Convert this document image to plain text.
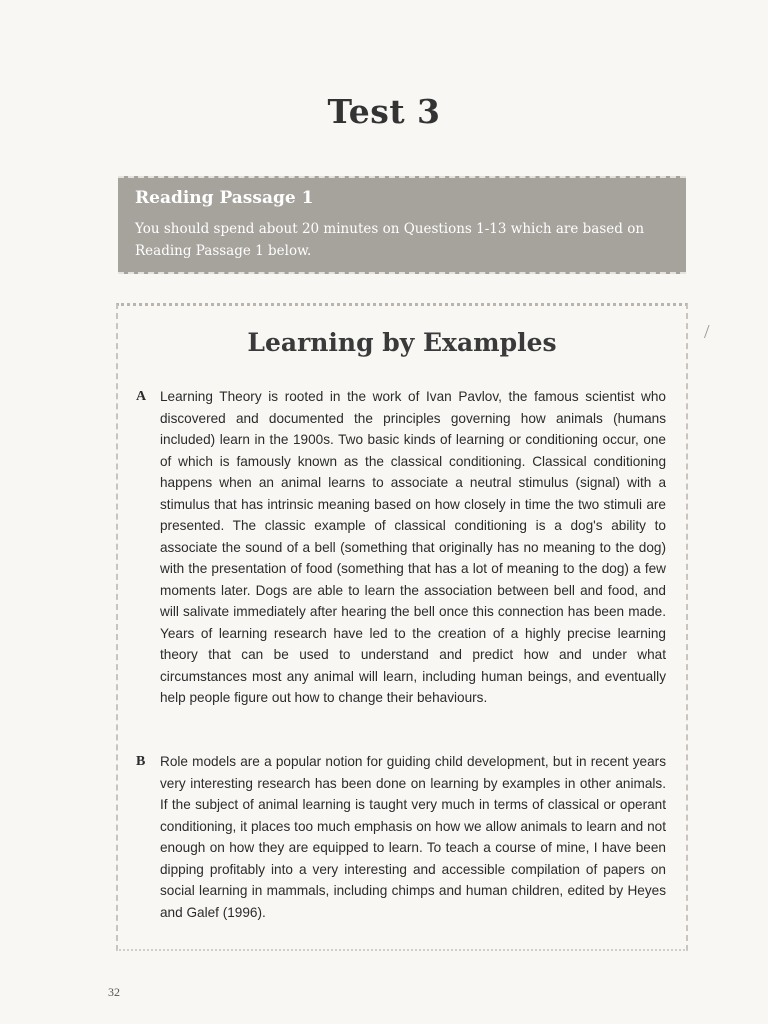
Test 3
Reading Passage 1
You should spend about 20 minutes on Questions 1-13 which are based on Reading Passage 1 below.
/
Learning by Examples
A	Learning Theory is rooted in the work of Ivan Pavlov, the famous scientist who discovered and documented the principles governing how animals (humans included) learn in the 1900s. Two basic kinds of learning or conditioning occur, one of which is famously known as the classical conditioning. Classical conditioning happens when an animal learns to associate a neutral stimulus (signal) with a stimulus that has intrinsic meaning based on how closely in time the two stimuli are presented. The classic example of classical conditioning is a dog's ability to associate the sound of a bell (something that originally has no meaning to the dog) with the presentation of food (something that has a lot of meaning to the dog) a few moments later. Dogs are able to learn the association between bell and food, and will salivate immediately after hearing the bell once this connection has been made. Years of learning research have led to the creation of a highly precise learning theory that can be used to understand and predict how and under what circumstances most any animal will learn, including human beings, and eventually help people figure out how to change their behaviours.
B	Role models are a popular notion for guiding child development, but in recent years very interesting research has been done on learning by examples in other animals. If the subject of animal learning is taught very much in terms of classical or operant conditioning, it places too much emphasis on how we allow animals to learn and not enough on how they are equipped to learn. To teach a course of mine, I have been dipping profitably into a very interesting and accessible compilation of papers on social learning in mammals, including chimps and human children, edited by Heyes and Galef (1996).
32
